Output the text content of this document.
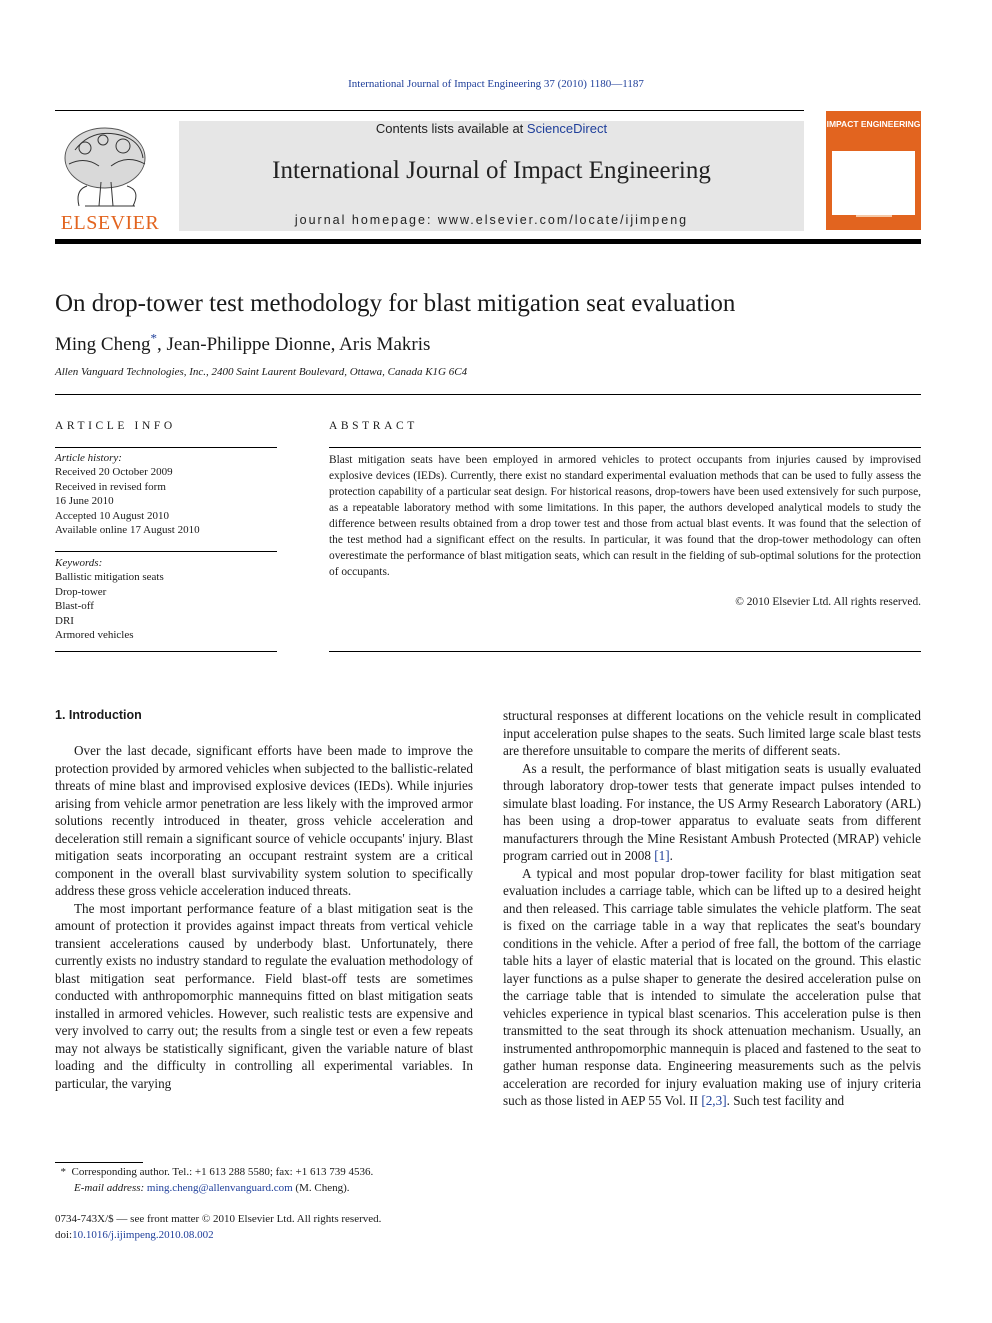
International Journal of Impact Engineering 37 (2010) 1180—1187
ELSEVIER
Contents lists available at ScienceDirect
International Journal of Impact Engineering
journal homepage: www.elsevier.com/locate/ijimpeng
IMPACT ENGINEERING
On drop-tower test methodology for blast mitigation seat evaluation
Ming Cheng*, Jean-Philippe Dionne, Aris Makris
Allen Vanguard Technologies, Inc., 2400 Saint Laurent Boulevard, Ottawa, Canada K1G 6C4
ARTICLE INFO
Article history:
Received 20 October 2009
Received in revised form
16 June 2010
Accepted 10 August 2010
Available online 17 August 2010
Keywords:
Ballistic mitigation seats
Drop-tower
Blast-off
DRI
Armored vehicles
ABSTRACT
Blast mitigation seats have been employed in armored vehicles to protect occupants from injuries caused by improvised explosive devices (IEDs). Currently, there exist no standard experimental evaluation methods that can be used to fully assess the protection capability of a particular seat design. For historical reasons, drop-towers have been used extensively for such purpose, as a repeatable laboratory method with some limitations. In this paper, the authors developed analytical models to study the difference between results obtained from a drop tower test and those from actual blast events. It was found that the selection of the test method had a significant effect on the results. In particular, it was found that the drop-tower methodology can often overestimate the performance of blast mitigation seats, which can result in the fielding of sub-optimal solutions for the protection of occupants.
© 2010 Elsevier Ltd. All rights reserved.
1. Introduction

Over the last decade, significant efforts have been made to improve the protection provided by armored vehicles when subjected to the ballistic-related threats of mine blast and improvised explosive devices (IEDs). While injuries arising from vehicle armor penetration are less likely with the improved armor solutions recently introduced in theater, gross vehicle acceleration and deceleration still remain a significant source of vehicle occupants' injury. Blast mitigation seats incorporating an occupant restraint system are a critical component in the overall blast survivability system solution to specifically address these gross vehicle acceleration induced threats.

The most important performance feature of a blast mitigation seat is the amount of protection it provides against impact threats from vertical vehicle transient accelerations caused by underbody blast. Unfortunately, there currently exists no industry standard to regulate the evaluation methodology of blast mitigation seat performance. Field blast-off tests are sometimes conducted with anthropomorphic mannequins fitted on blast mitigation seats installed in armored vehicles. However, such realistic tests are expensive and very involved to carry out; the results from a single test or even a few repeats may not always be statistically significant, given the variable nature of blast loading and the difficulty in controlling all experimental variables. In particular, the varying

structural responses at different locations on the vehicle result in complicated input acceleration pulse shapes to the seats. Such limited large scale blast tests are therefore unsuitable to compare the merits of different seats.

As a result, the performance of blast mitigation seats is usually evaluated through laboratory drop-tower tests that generate impact pulses intended to simulate blast loading. For instance, the US Army Research Laboratory (ARL) has been using a drop-tower apparatus to evaluate seats from different manufacturers through the Mine Resistant Ambush Protected (MRAP) vehicle program carried out in 2008 [1].

A typical and most popular drop-tower facility for blast mitigation seat evaluation includes a carriage table, which can be lifted up to a desired height and then released. This carriage table simulates the vehicle platform. The seat is fixed on the carriage table in a way that replicates the seat's boundary conditions in the vehicle. After a period of free fall, the bottom of the carriage table hits a layer of elastic material that is located on the ground. This elastic layer functions as a pulse shaper to generate the desired acceleration pulse on the carriage table that is intended to simulate the acceleration pulse that vehicles experience in typical blast scenarios. This acceleration pulse is then transmitted to the seat through its shock attenuation mechanism. Usually, an instrumented anthropomorphic mannequin is placed and fastened to the seat to gather human response data. Engineering measurements such as the pelvis acceleration are recorded for injury evaluation making use of injury criteria such as those listed in AEP 55 Vol. II [2,3]. Such test facility and

* Corresponding author. Tel.: +1 613 288 5580; fax: +1 613 739 4536.
E-mail address: ming.cheng@allenvanguard.com (M. Cheng).
0734-743X/$ — see front matter © 2010 Elsevier Ltd. All rights reserved.
doi:10.1016/j.ijimpeng.2010.08.002
